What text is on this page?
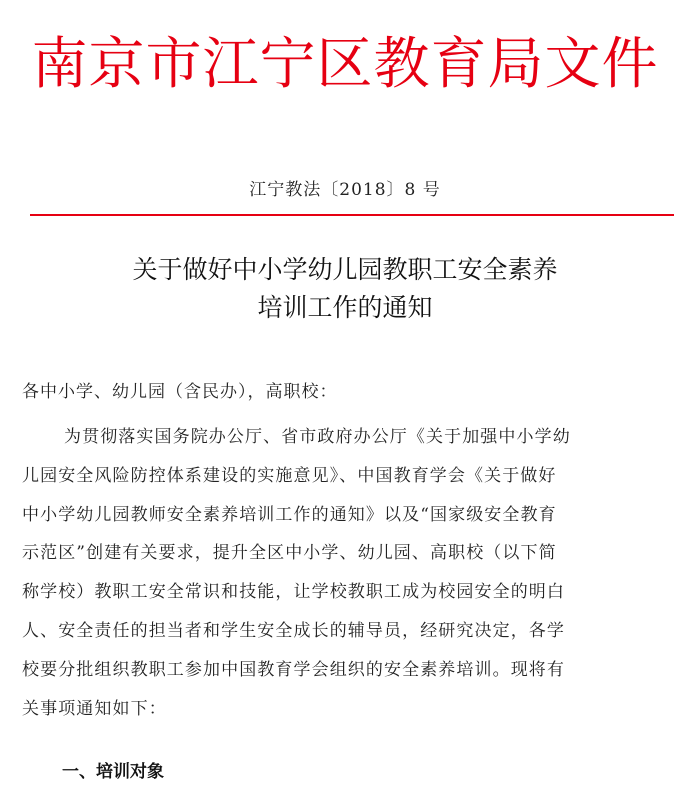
南京市江宁区教育局文件
江宁教法〔2018〕8 号
关于做好中小学幼儿园教职工安全素养
培训工作的通知
各中小学、幼儿园（含民办），高职校：

为贯彻落实国务院办公厅、省市政府办公厅《关于加强中小学幼
儿园安全风险防控体系建设的实施意见》、中国教育学会《关于做好
中小学幼儿园教师安全素养培训工作的通知》以及“国家级安全教育
示范区”创建有关要求，提升全区中小学、幼儿园、高职校（以下简
称学校）教职工安全常识和技能，让学校教职工成为校园安全的明白
人、安全责任的担当者和学生安全成长的辅导员，经研究决定，各学
校要分批组织教职工参加中国教育学会组织的安全素养培训。现将有
关事项通知如下：

一、培训对象
